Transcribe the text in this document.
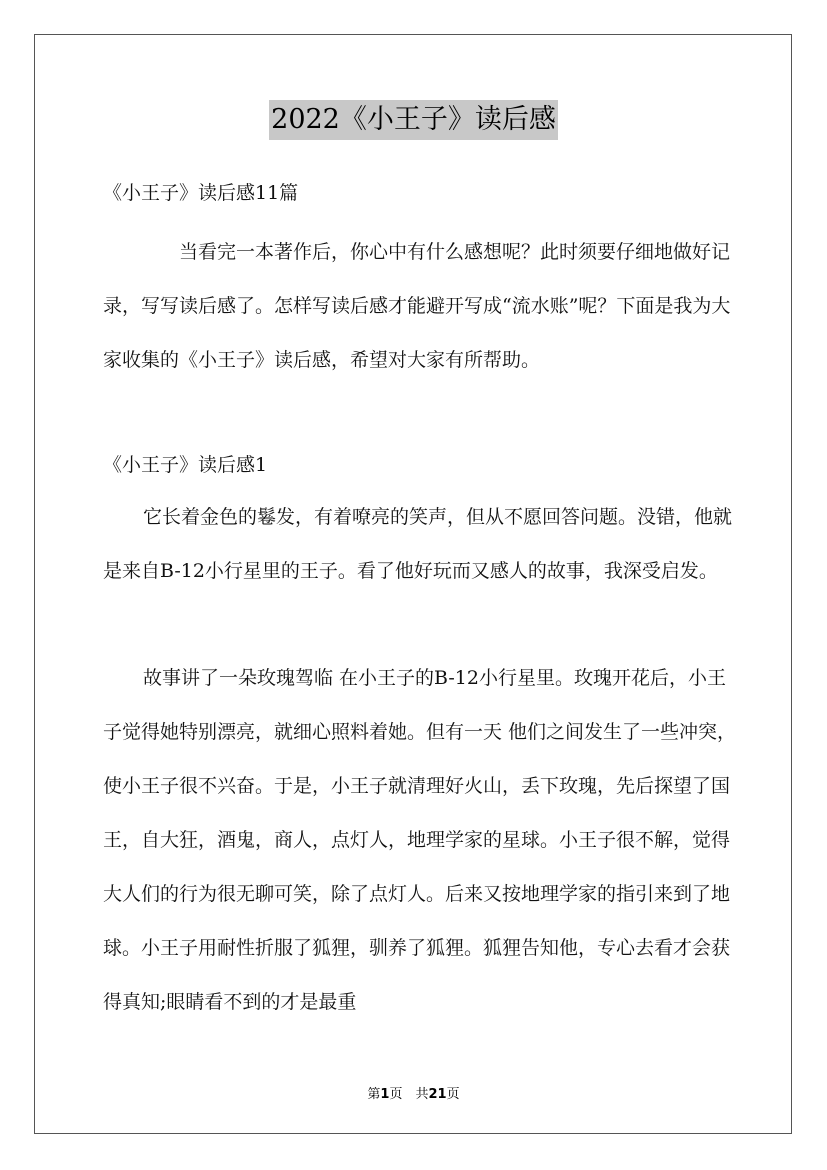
2022《小王子》读后感

《小王子》读后感11篇

当看完一本著作后，你心中有什么感想呢？此时须要仔细地做好记录，写写读后感了。怎样写读后感才能避开写成“流水账”呢？下面是我为大家收集的《小王子》读后感，希望对大家有所帮助。

《小王子》读后感1

它长着金色的鬈发，有着嘹亮的笑声，但从不愿回答问题。没错，他就是来自B-12小行星里的王子。看了他好玩而又感人的故事，我深受启发。

故事讲了一朵玫瑰驾临 在小王子的B-12小行星里。玫瑰开花后，小王子觉得她特别漂亮，就细心照料着她。但有一天 他们之间发生了一些冲突，使小王子很不兴奋。于是，小王子就清理好火山，丢下玫瑰，先后探望了国王，自大狂，酒鬼，商人，点灯人，地理学家的星球。小王子很不解，觉得大人们的行为很无聊可笑，除了点灯人。后来又按地理学家的指引来到了地球。小王子用耐性折服了狐狸，驯养了狐狸。狐狸告知他，专心去看才会获得真知;眼睛看不到的才是最重

第1页　共21页
